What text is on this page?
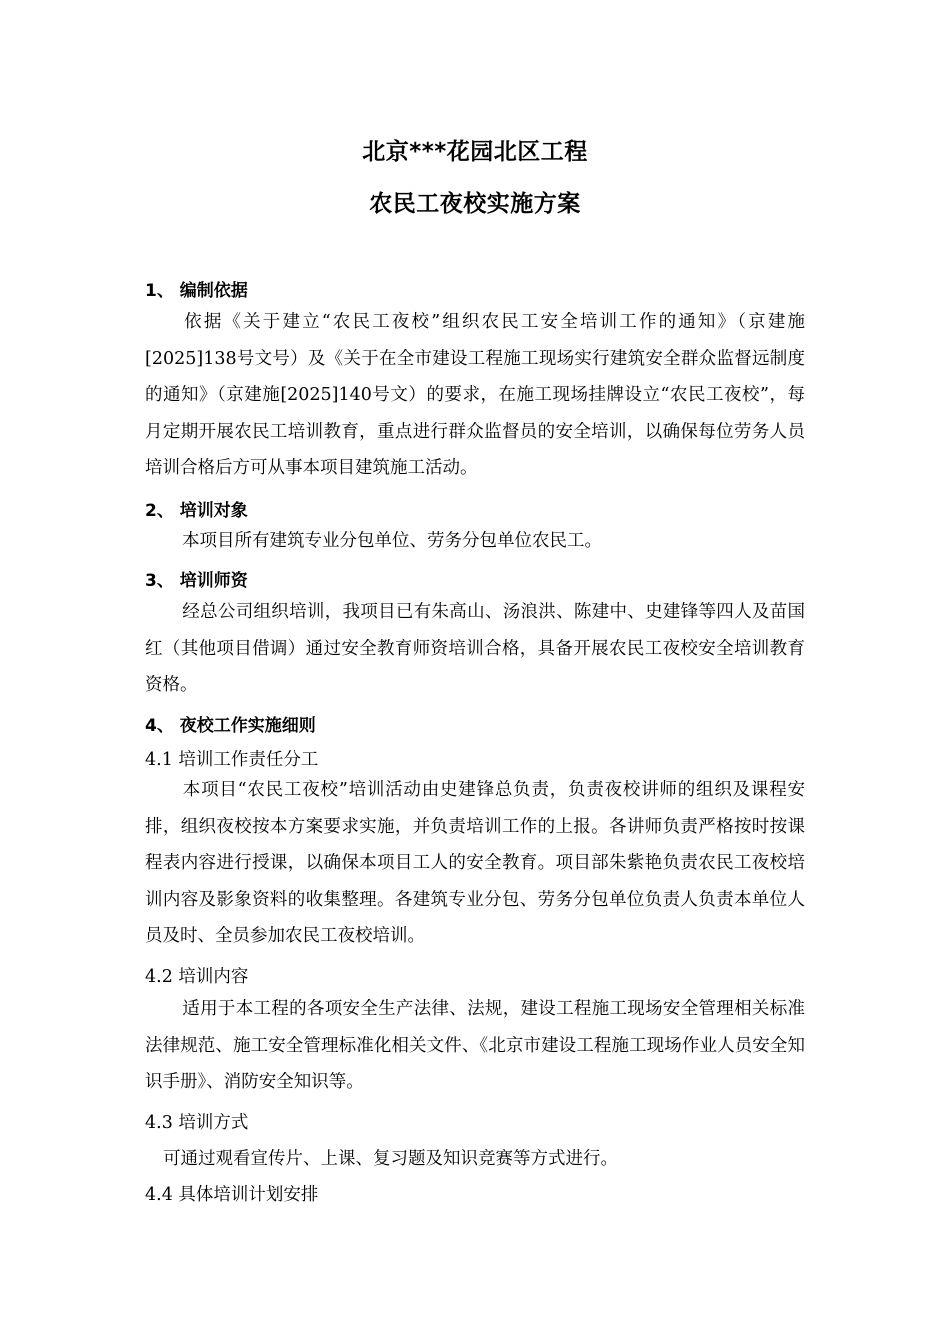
北京***花园北区工程
农民工夜校实施方案
1、 编制依据
依据《关于建立“农民工夜校”组织农民工安全培训工作的通知》（京建施[2025]138号文号）及《关于在全市建设工程施工现场实行建筑安全群众监督远制度的通知》（京建施[2025]140号文）的要求，在施工现场挂牌设立“农民工夜校”，每月定期开展农民工培训教育，重点进行群众监督员的安全培训，以确保每位劳务人员培训合格后方可从事本项目建筑施工活动。
2、 培训对象
本项目所有建筑专业分包单位、劳务分包单位农民工。
3、 培训师资
经总公司组织培训，我项目已有朱高山、汤浪洪、陈建中、史建锋等四人及苗国红（其他项目借调）通过安全教育师资培训合格，具备开展农民工夜校安全培训教育资格。
4、 夜校工作实施细则
4.1 培训工作责任分工
本项目“农民工夜校”培训活动由史建锋总负责，负责夜校讲师的组织及课程安排，组织夜校按本方案要求实施，并负责培训工作的上报。各讲师负责严格按时按课程表内容进行授课，以确保本项目工人的安全教育。项目部朱紫艳负责农民工夜校培训内容及影象资料的收集整理。各建筑专业分包、劳务分包单位负责人负责本单位人员及时、全员参加农民工夜校培训。
4.2 培训内容
适用于本工程的各项安全生产法律、法规，建设工程施工现场安全管理相关标准法律规范、施工安全管理标准化相关文件、《北京市建设工程施工现场作业人员安全知识手册》、消防安全知识等。
4.3 培训方式
可通过观看宣传片、上课、复习题及知识竞赛等方式进行。
4.4 具体培训计划安排
